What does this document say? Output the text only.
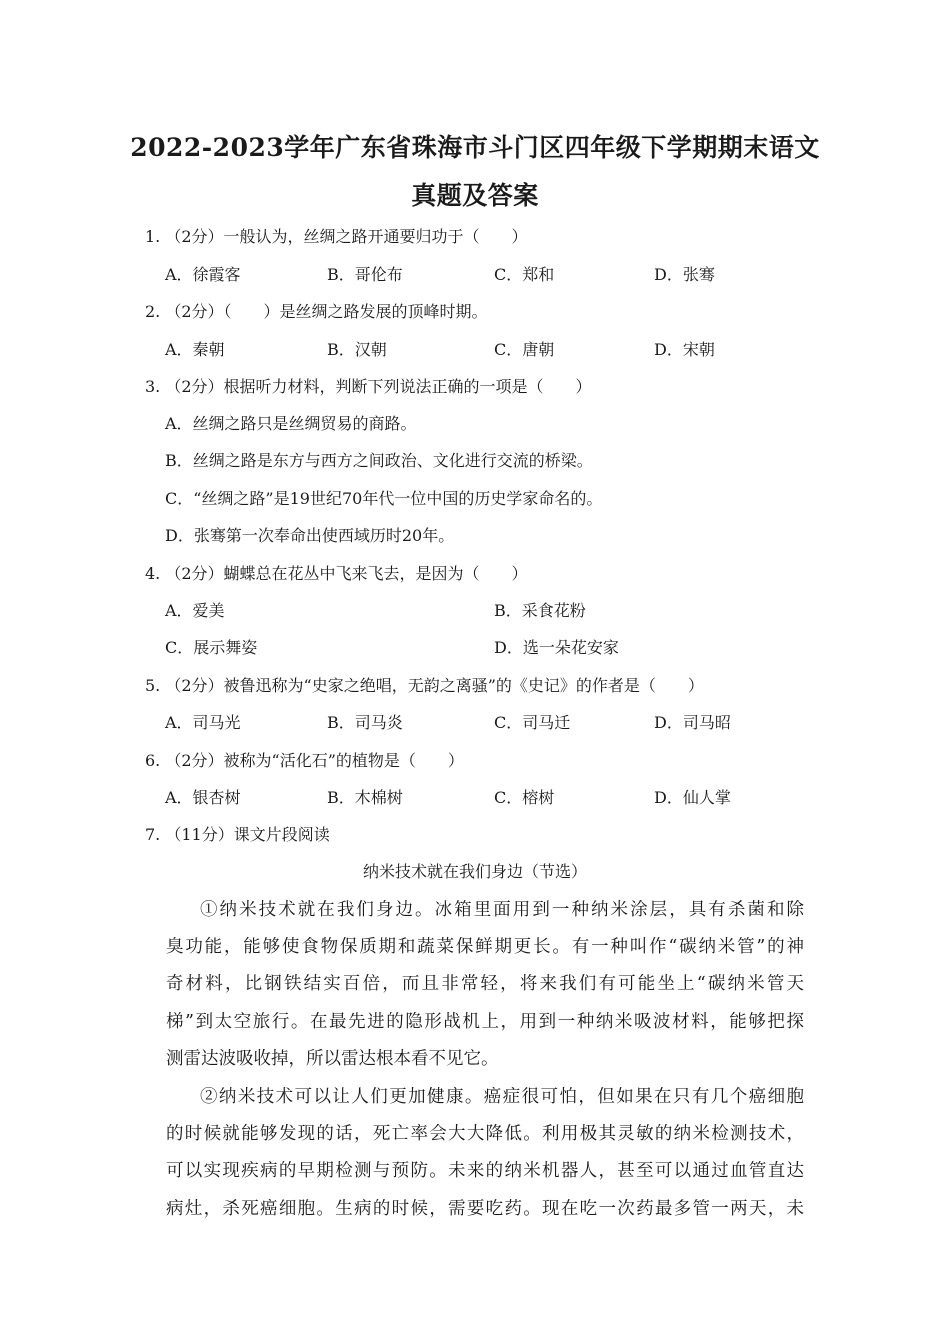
2022-2023学年广东省珠海市斗门区四年级下学期期末语文
真题及答案
1. （2分）一般认为，丝绸之路开通要归功于（　　）
A．徐霞客	B．哥伦布	C．郑和	D．张骞
2. （2分）（　　）是丝绸之路发展的顶峰时期。
A．秦朝	B．汉朝	C．唐朝	D．宋朝
3. （2分）根据听力材料，判断下列说法正确的一项是（　　）
A．丝绸之路只是丝绸贸易的商路。
B．丝绸之路是东方与西方之间政治、文化进行交流的桥梁。
C．“丝绸之路”是19世纪70年代一位中国的历史学家命名的。
D．张骞第一次奉命出使西域历时20年。
4. （2分）蝴蝶总在花丛中飞来飞去，是因为（　　）
A．爱美	B．采食花粉
C．展示舞姿	D．选一朵花安家
5. （2分）被鲁迅称为“史家之绝唱，无韵之离骚”的《史记》的作者是（　　）
A．司马光	B．司马炎	C．司马迁	D．司马昭
6. （2分）被称为“活化石”的植物是（　　）
A．银杏树	B．木棉树	C．榕树	D．仙人掌
7. （11分）课文片段阅读
纳米技术就在我们身边（节选）
①纳米技术就在我们身边。冰箱里面用到一种纳米涂层，具有杀菌和除
臭功能，能够使食物保质期和蔬菜保鲜期更长。有一种叫作“碳纳米管”的神
奇材料，比钢铁结实百倍，而且非常轻，将来我们有可能坐上“碳纳米管天
梯”到太空旅行。在最先进的隐形战机上，用到一种纳米吸波材料，能够把探
测雷达波吸收掉，所以雷达根本看不见它。
②纳米技术可以让人们更加健康。癌症很可怕，但如果在只有几个癌细胞
的时候就能够发现的话，死亡率会大大降低。利用极其灵敏的纳米检测技术，
可以实现疾病的早期检测与预防。未来的纳米机器人，甚至可以通过血管直达
病灶，杀死癌细胞。生病的时候，需要吃药。现在吃一次药最多管一两天，未
